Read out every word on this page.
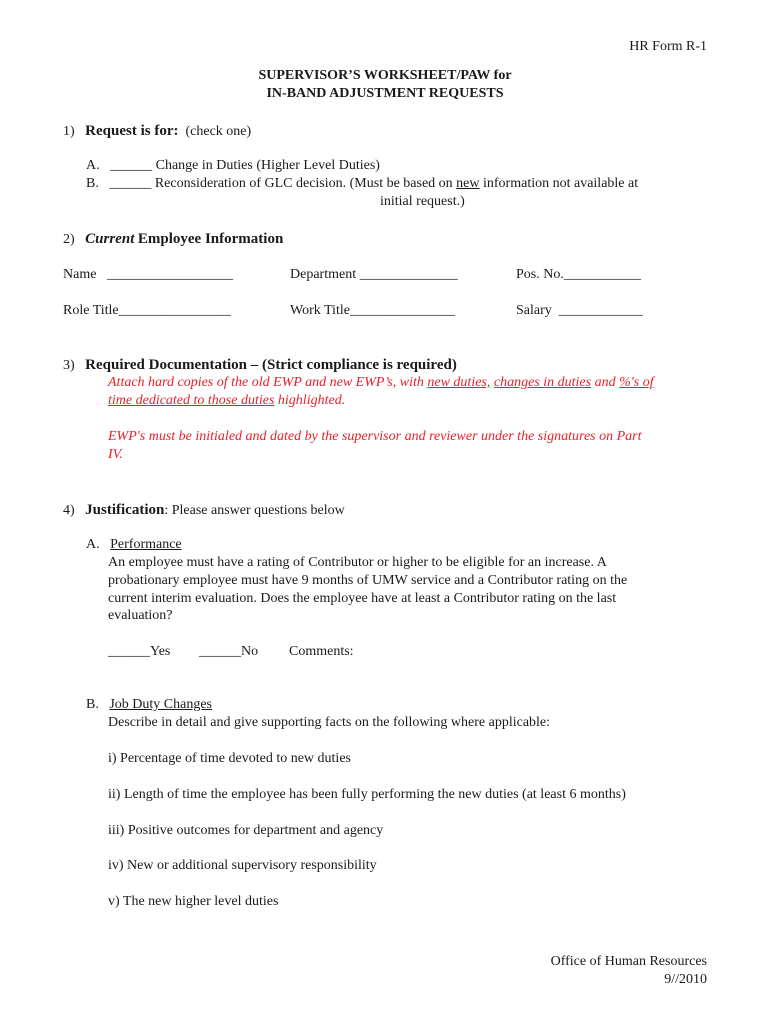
HR Form R-1
SUPERVISOR’S WORKSHEET/PAW for
IN-BAND ADJUSTMENT REQUESTS
1) Request is for: (check one)
A. ______ Change in Duties (Higher Level Duties)
B. ______ Reconsideration of GLC decision. (Must be based on new information not available at
initial request.)
2) Current Employee Information
Name __________________	Department ______________	Pos. No.___________
Role Title________________	Work Title_______________	Salary ____________
3) Required Documentation – (Strict compliance is required)
Attach hard copies of the old EWP and new EWP’s, with new duties, changes in duties and %'s of
time dedicated to those duties highlighted.
EWP's must be initialed and dated by the supervisor and reviewer under the signatures on Part
IV.
4) Justification: Please answer questions below
A. Performance
An employee must have a rating of Contributor or higher to be eligible for an increase. A
probationary employee must have 9 months of UMW service and a Contributor rating on the
current interim evaluation. Does the employee have at least a Contributor rating on the last
evaluation?
______Yes ______No Comments:
B. Job Duty Changes
Describe in detail and give supporting facts on the following where applicable:
i) Percentage of time devoted to new duties
ii) Length of time the employee has been fully performing the new duties (at least 6 months)
iii) Positive outcomes for department and agency
iv) New or additional supervisory responsibility
v) The new higher level duties
Office of Human Resources
9//2010
